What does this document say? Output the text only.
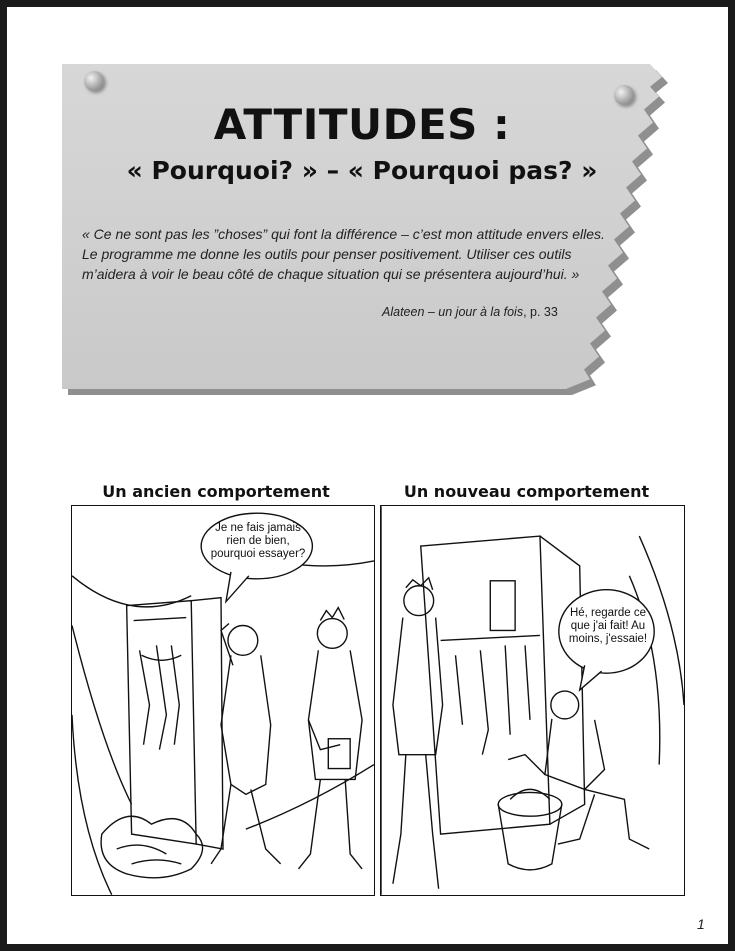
ATTITUDES :
« Pourquoi? » – « Pourquoi pas? »

« Ce ne sont pas les ”choses” qui font la différence – c’est mon attitude envers elles. Le programme me donne les outils pour penser positivement. Utiliser ces outils m’aidera à voir le beau côté de chaque situation qui se présentera aujourd’hui. »

Alateen – un jour à la fois, p. 33
Un ancien comportement
Je ne fais jamais rien de bien, pourquoi essayer?
Un nouveau comportement
Hé, regarde ce que j'ai fait! Au moins, j'essaie!
1
